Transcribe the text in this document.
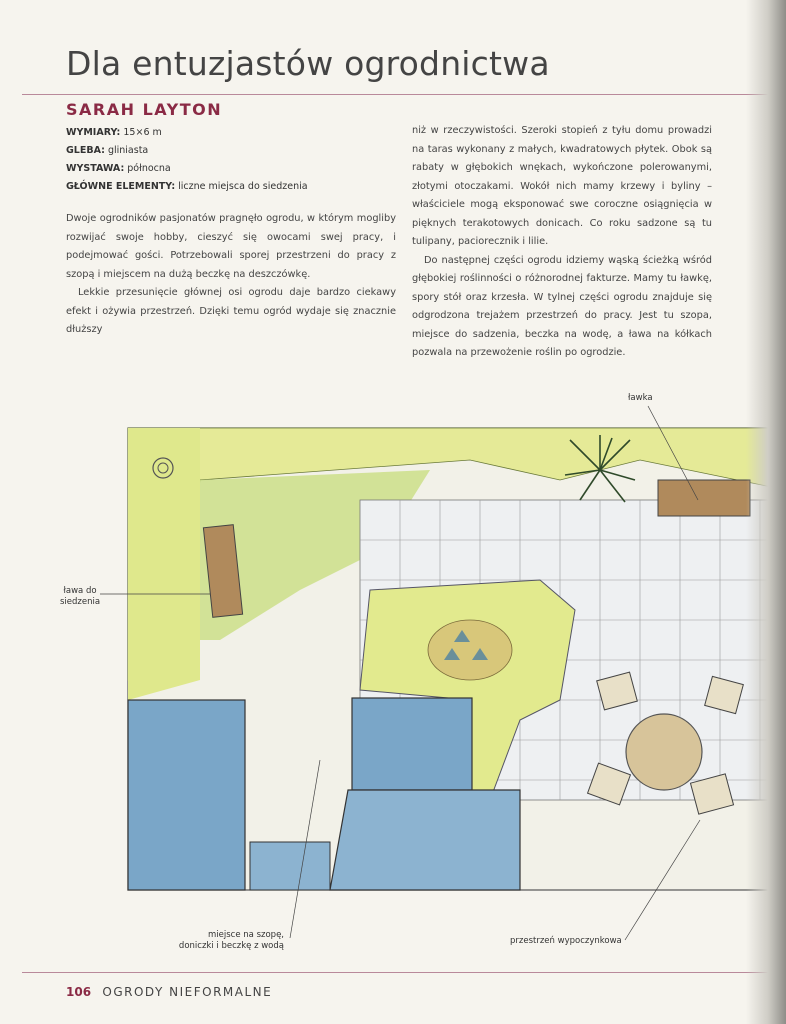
Dla entuzjastów ogrodnictwa
SARAH LAYTON
WYMIARY: 15×6 m
GLEBA: gliniasta
WYSTAWA: północna
GŁÓWNE ELEMENTY: liczne miejsca do siedzenia

Dwoje ogrodników pasjonatów pragnęło ogrodu, w którym mogliby rozwijać swoje hobby, cieszyć się owocami swej pracy, i podejmować gości. Potrzebowali sporej przestrzeni do pracy z szopą i miejscem na dużą beczkę na deszczówkę.

Lekkie przesunięcie głównej osi ogrodu daje bardzo ciekawy efekt i ożywia przestrzeń. Dzięki temu ogród wydaje się znacznie dłuższy

niż w rzeczywistości. Szeroki stopień z tyłu domu prowadzi na taras wykonany z małych, kwadratowych płytek. Obok są rabaty w głębokich wnękach, wykończone polerowanymi, złotymi otoczakami. Wokół nich mamy krzewy i byliny – właściciele mogą eksponować swe coroczne osiągnięcia w pięknych terakotowych donicach. Co roku sadzone są tu tulipany, paciorecznik i lilie.

Do następnej części ogrodu idziemy wąską ścieżką wśród głębokiej roślinności o różnorodnej fakturze. Mamy tu ławkę, spory stół oraz krzesła. W tylnej części ogrodu znajduje się odgrodzona trejażem przestrzeń do pracy. Jest tu szopa, miejsce do sadzenia, beczka na wodę, a ława na kółkach pozwala na przewożenie roślin po ogrodzie.

ławka
ława do
siedzenia
miejsce na szopę,
doniczki i beczkę z wodą	przestrzeń wypoczynkowa
106 OGRODY NIEFORMALNE
